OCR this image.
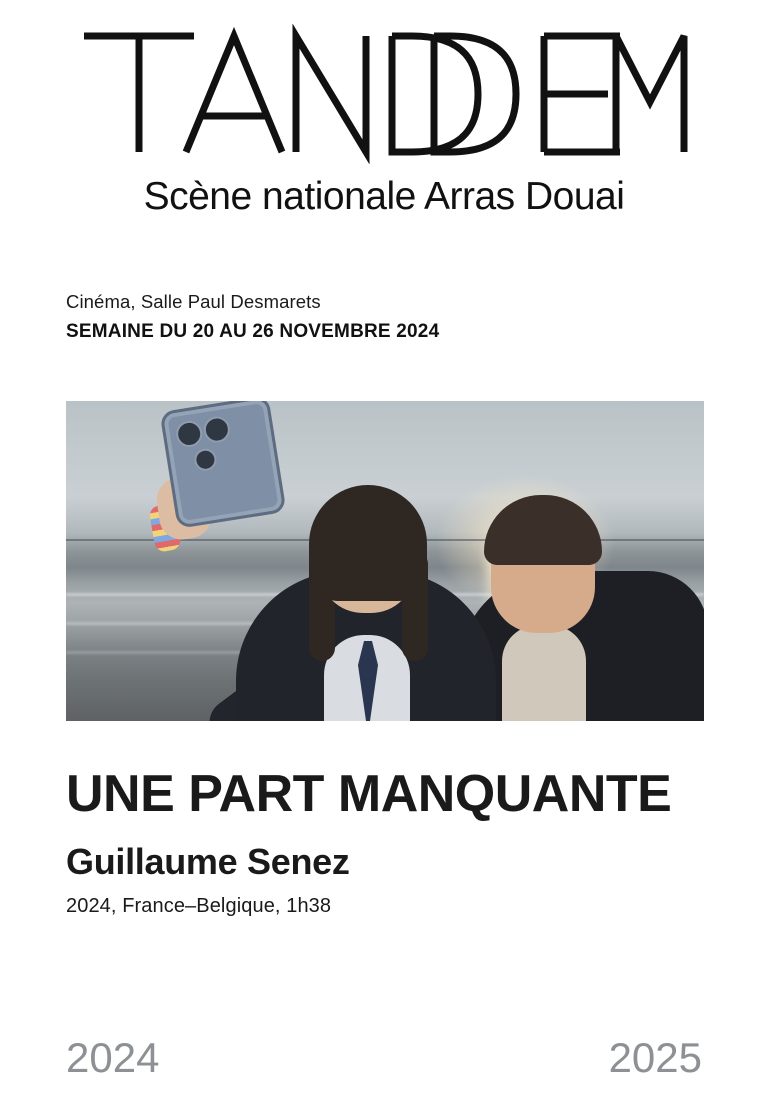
Scène nationale Arras Douai
Cinéma, Salle Paul Desmarets
SEMAINE DU 20 AU 26 NOVEMBRE 2024
UNE PART MANQUANTE
Guillaume Senez
2024, France–Belgique, 1h38
2024	2025
